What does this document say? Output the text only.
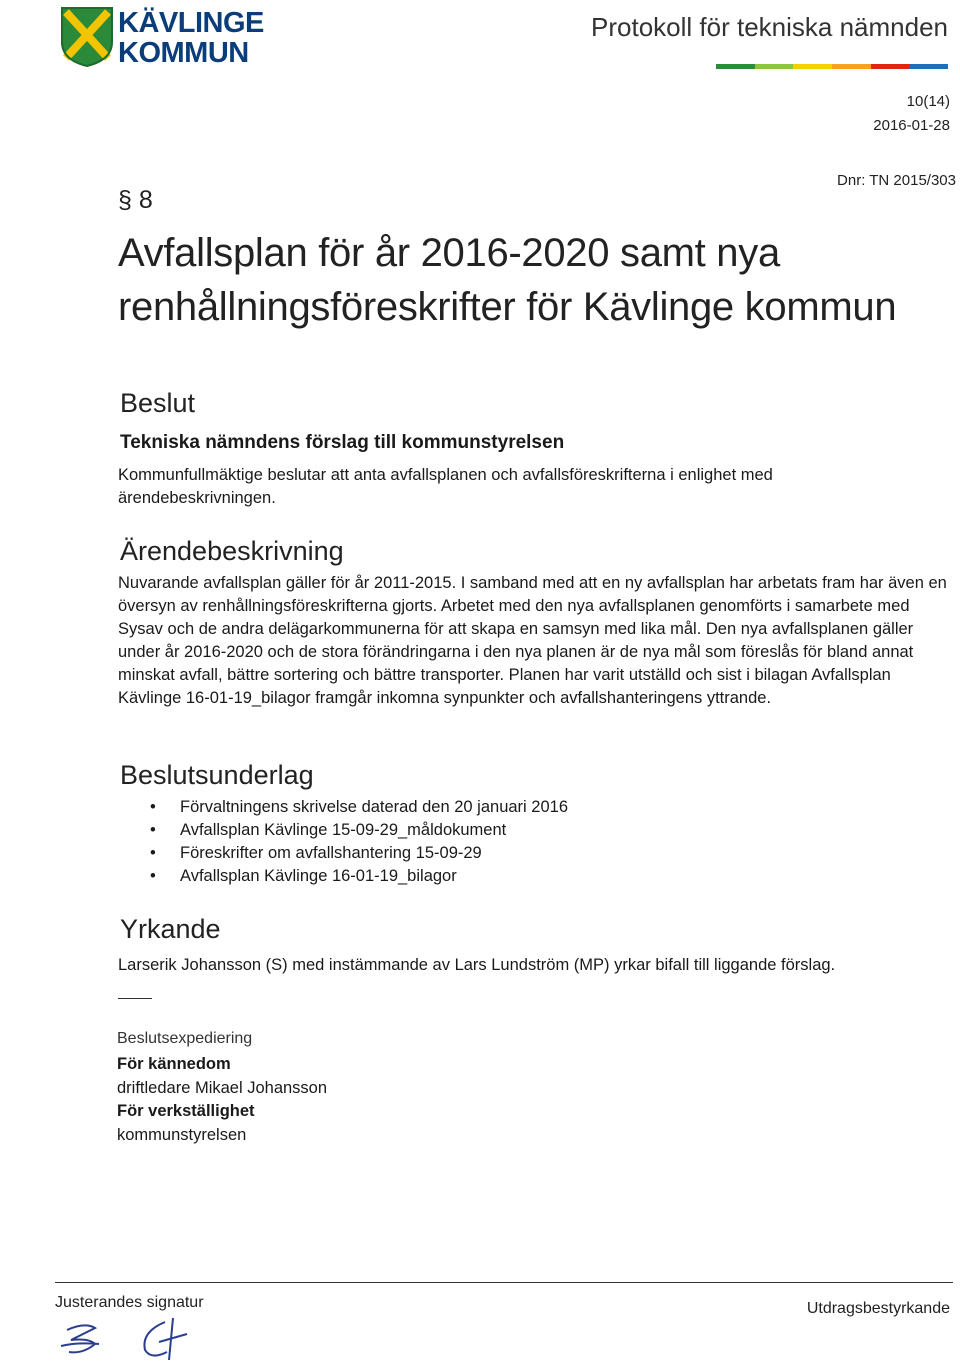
KÄVLINGE
KOMMUN
Protokoll för tekniska nämnden
10(14)
2016-01-28
Dnr: TN 2015/303
§ 8
Avfallsplan för år 2016-2020 samt nya
renhållningsföreskrifter för Kävlinge kommun
Beslut
Tekniska nämndens förslag till kommunstyrelsen

Kommunfullmäktige beslutar att anta avfallsplanen och avfallsföreskrifterna i enlighet med ärendebeskrivningen.

Ärendebeskrivning

Nuvarande avfallsplan gäller för år 2011-2015. I samband med att en ny avfallsplan har arbetats fram har även en översyn av renhållningsföreskrifterna gjorts. Arbetet med den nya avfallsplanen genomförts i samarbete med Sysav och de andra delägarkommunerna för att skapa en samsyn med lika mål. Den nya avfallsplanen gäller under år 2016-2020 och de stora förändringarna i den nya planen är de nya mål som föreslås för bland annat minskat avfall, bättre sortering och bättre transporter. Planen har varit utställd och sist i bilagan Avfallsplan Kävlinge 16-01-19_bilagor framgår inkomna synpunkter och avfallshanteringens yttrande.

Beslutsunderlag
• Förvaltningens skrivelse daterad den 20 januari 2016
• Avfallsplan Kävlinge 15-09-29_måldokument
• Föreskrifter om avfallshantering 15-09-29
• Avfallsplan Kävlinge 16-01-19_bilagor
Yrkande

Larserik Johansson (S) med instämmande av Lars Lundström (MP) yrkar bifall till liggande förslag.

Beslutsexpediering
För kännedom
driftledare Mikael Johansson
För verkställighet
kommunstyrelsen
Justerandes signatur	Utdragsbestyrkande
